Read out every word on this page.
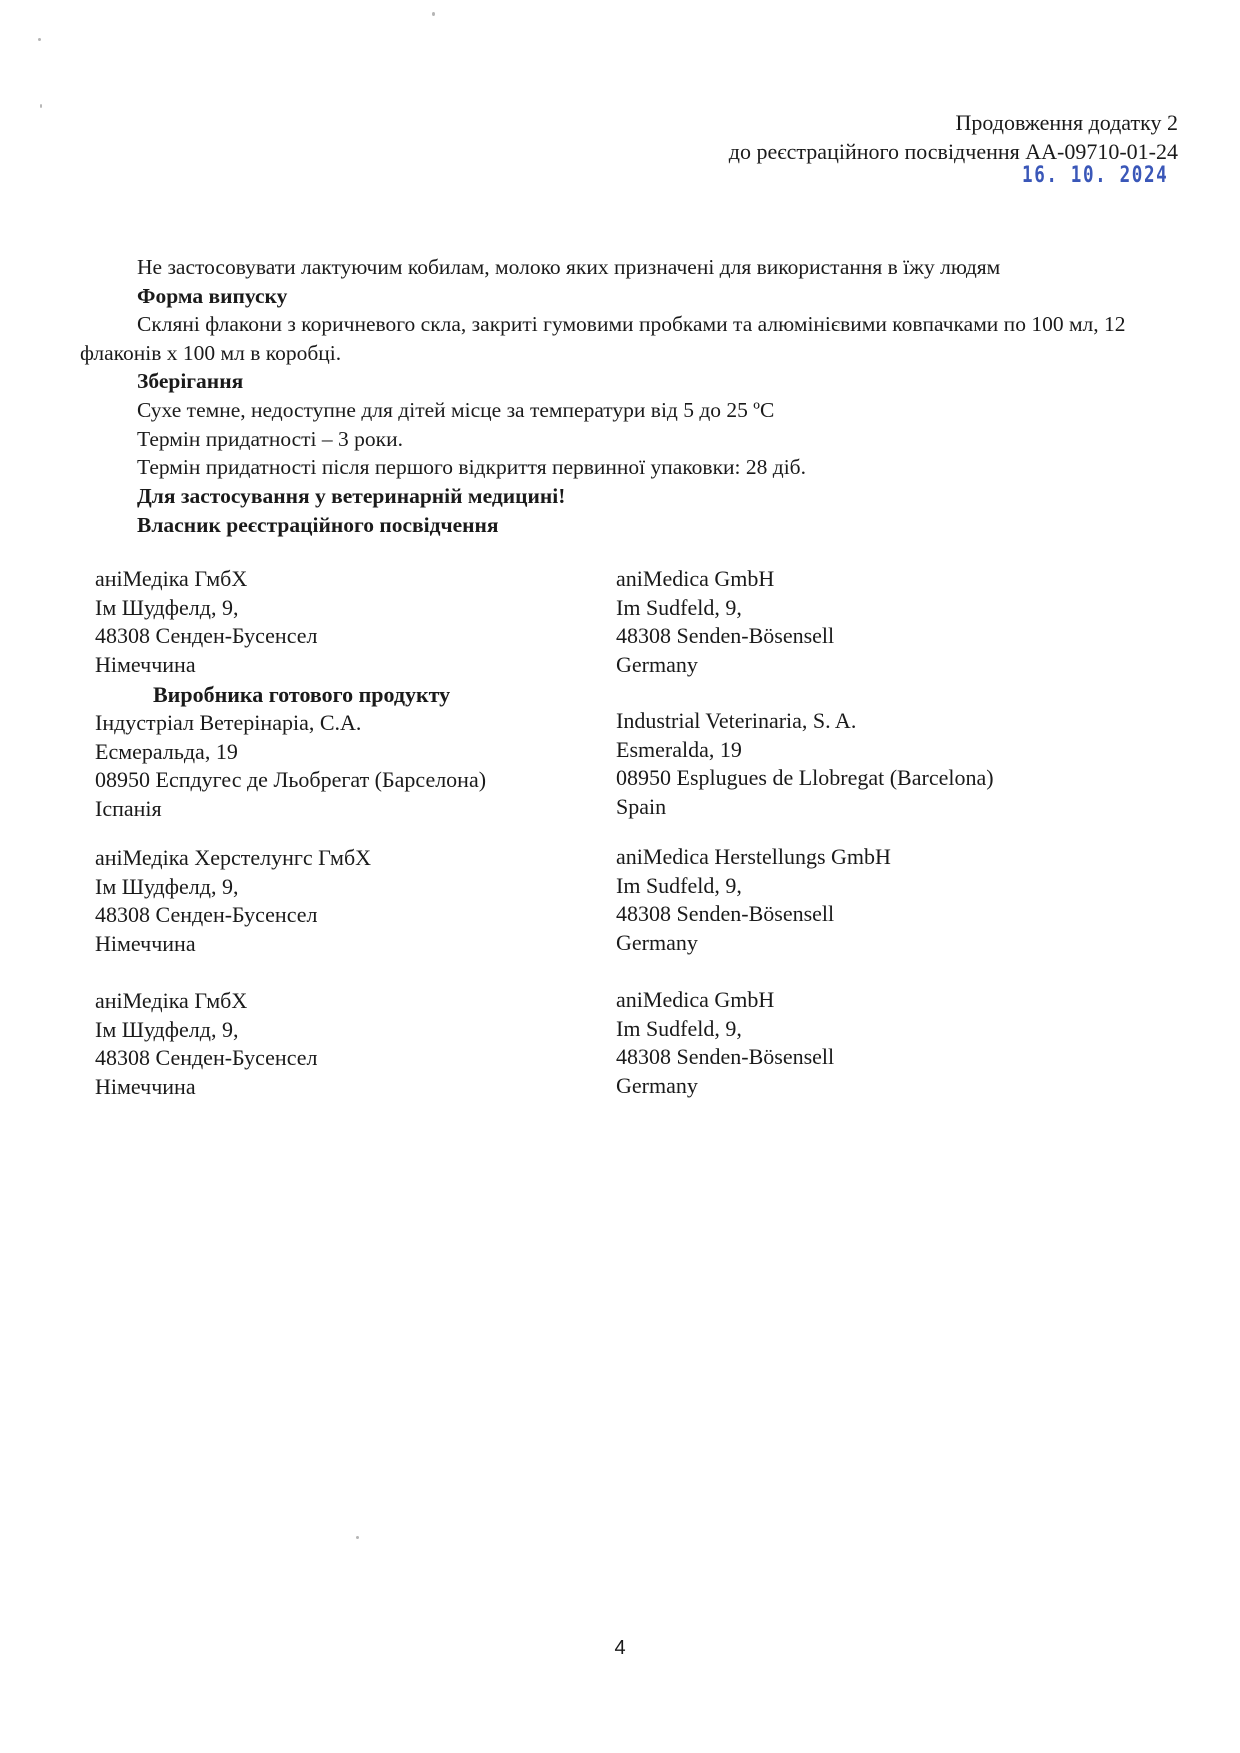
Продовження додатку 2
до реєстраційного посвідчення АА-09710-01-24
16. 10. 2024

Не застосовувати лактуючим кобилам, молоко яких призначені для використання в їжу людям

Форма випуску

Скляні флакони з коричневого скла, закриті гумовими пробками та алюмінієвими ковпачками по 100 мл, 12 флаконів х 100 мл в коробці.

Зберігання

Сухе темне, недоступне для дітей місце за температури від 5 до 25 ºС

Термін придатності – 3 роки.

Термін придатності після першого відкриття первинної упаковки: 28 діб.

Для застосування у ветеринарній медицині!

Власник реєстраційного посвідчення

аніМедіка ГмбХ
Ім Шудфелд, 9,
48308 Сенден-Бусенсел
Німеччина
aniMedica GmbH
Im Sudfeld, 9,
48308 Senden-Bösensell
Germany
Виробника готового продукту
Індустріал Ветерінаріа, С.А.
Есмеральда, 19
08950 Еспдугес де Льобрегат (Барселона)
Іспанія
Industrial Veterinaria, S. A.
Esmeralda, 19
08950 Esplugues de Llobregat (Barcelona)
Spain
аніМедіка Херстелунгс ГмбХ
Ім Шудфелд, 9,
48308 Сенден-Бусенсел
Німеччина
aniMedica Herstellungs GmbH
Im Sudfeld, 9,
48308 Senden-Bösensell
Germany
аніМедіка ГмбХ
Ім Шудфелд, 9,
48308 Сенден-Бусенсел
Німеччина
aniMedica GmbH
Im Sudfeld, 9,
48308 Senden-Bösensell
Germany
4
